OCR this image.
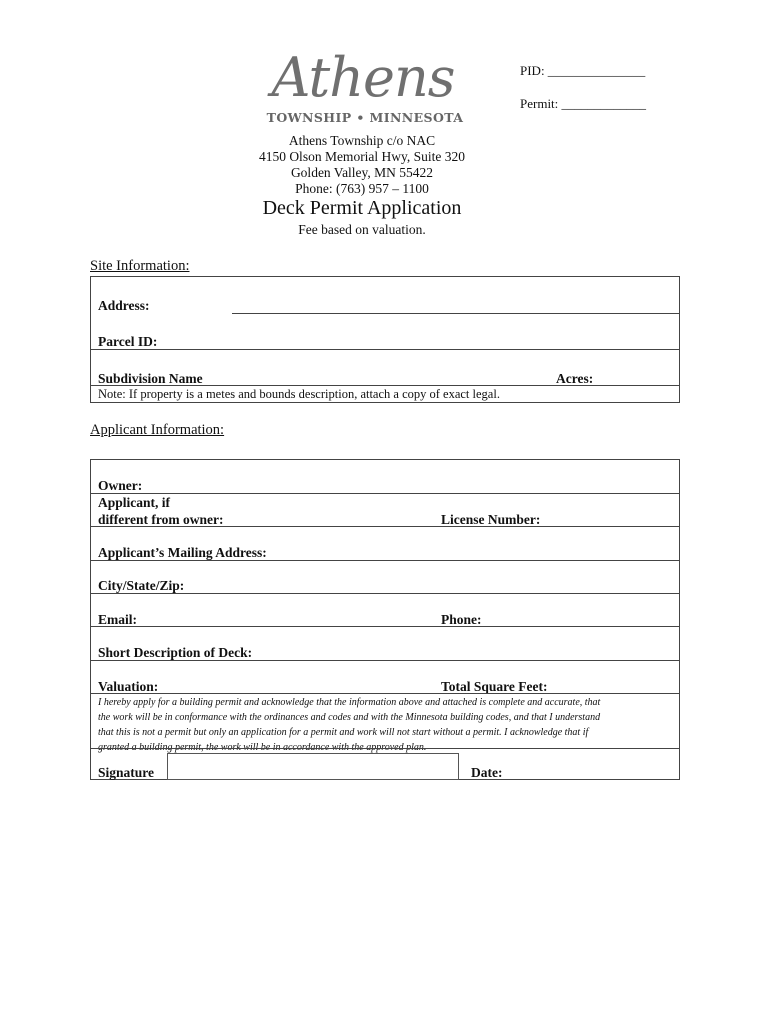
Athens
TOWNSHIP • MINNESOTA
PID: _______________
Permit: _____________
Athens Township c/o NAC
4150 Olson Memorial Hwy, Suite 320
Golden Valley, MN 55422
Phone: (763) 957 – 1100
Deck Permit Application
Fee based on valuation.
Site Information:
Address:
Parcel ID:
Subdivision Name	Acres:
Note: If property is a metes and bounds description, attach a copy of exact legal.
Applicant Information:
Owner:
Applicant, if
different from owner:	License Number:
Applicant’s Mailing Address:
City/State/Zip:
Email:	Phone:
Short Description of Deck:
Valuation:	Total Square Feet:
I hereby apply for a building permit and acknowledge that the information above and attached is complete and accurate, that
the work will be in conformance with the ordinances and codes and with the Minnesota building codes, and that I understand
that this is not a permit but only an application for a permit and work will not start without a permit. I acknowledge that if
granted a building permit, the work will be in accordance with the approved plan.
Signature	Date:
